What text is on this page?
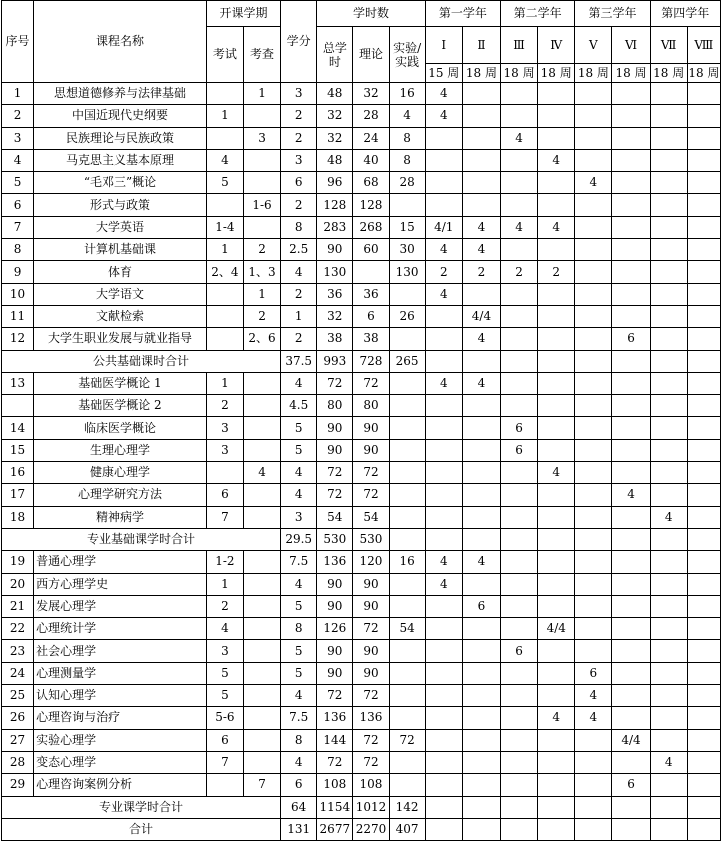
序号	课程名称	开课学期		学分	学时数			第一学年		第二学年		第三学年		第四学年	
		考试	考查		总学时	理论	实验/实践	Ⅰ	Ⅱ	Ⅲ	Ⅳ	Ⅴ	Ⅵ	Ⅶ	Ⅷ
								15 周	18 周	18 周	18 周	18 周	18 周	18 周	18 周
1	思想道德修养与法律基础		1	3	48	32	16	4							
2	中国近现代史纲要	1		2	32	28	4	4							
3	民族理论与民族政策		3	2	32	24	8			4					
4	马克思主义基本原理	4		3	48	40	8				4				
5	“毛邓三”概论	5		6	96	68	28					4			
6	形式与政策		1-6	2	128	128									
7	大学英语	1-4		8	283	268	15	4/1	4	4	4				
8	计算机基础课	1	2	2.5	90	60	30	4	4						
9	体育	2、4	1、3	4	130		130	2	2	2	2				
10	大学语文		1	2	36	36		4							
11	文献检索		2	1	32	6	26		4/4						
12	大学生职业发展与就业指导		2、6	2	38	38			4				6		
公共基础课时合计				37.5	993	728	265								
13	基础医学概论 1	1		4	72	72		4	4						
	基础医学概论 2	2		4.5	80	80									
14	临床医学概论	3		5	90	90				6					
15	生理心理学	3		5	90	90				6					
16	健康心理学		4	4	72	72					4				
17	心理学研究方法	6		4	72	72							4		
18	精神病学	7		3	54	54								4	
专业基础课学时合计				29.5	530	530									
19	普通心理学	1-2		7.5	136	120	16	4	4						
20	西方心理学史	1		4	90	90		4							
21	发展心理学	2		5	90	90			6						
22	心理统计学	4		8	126	72	54				4/4				
23	社会心理学	3		5	90	90				6					
24	心理测量学	5		5	90	90						6			
25	认知心理学	5		4	72	72						4			
26	心理咨询与治疗	5-6		7.5	136	136					4	4			
27	实验心理学	6		8	144	72	72						4/4		
28	变态心理学	7		4	72	72								4	
29	心理咨询案例分析		7	6	108	108							6		
专业课学时合计				64	1154	1012	142								
合计				131	2677	2270	407								
